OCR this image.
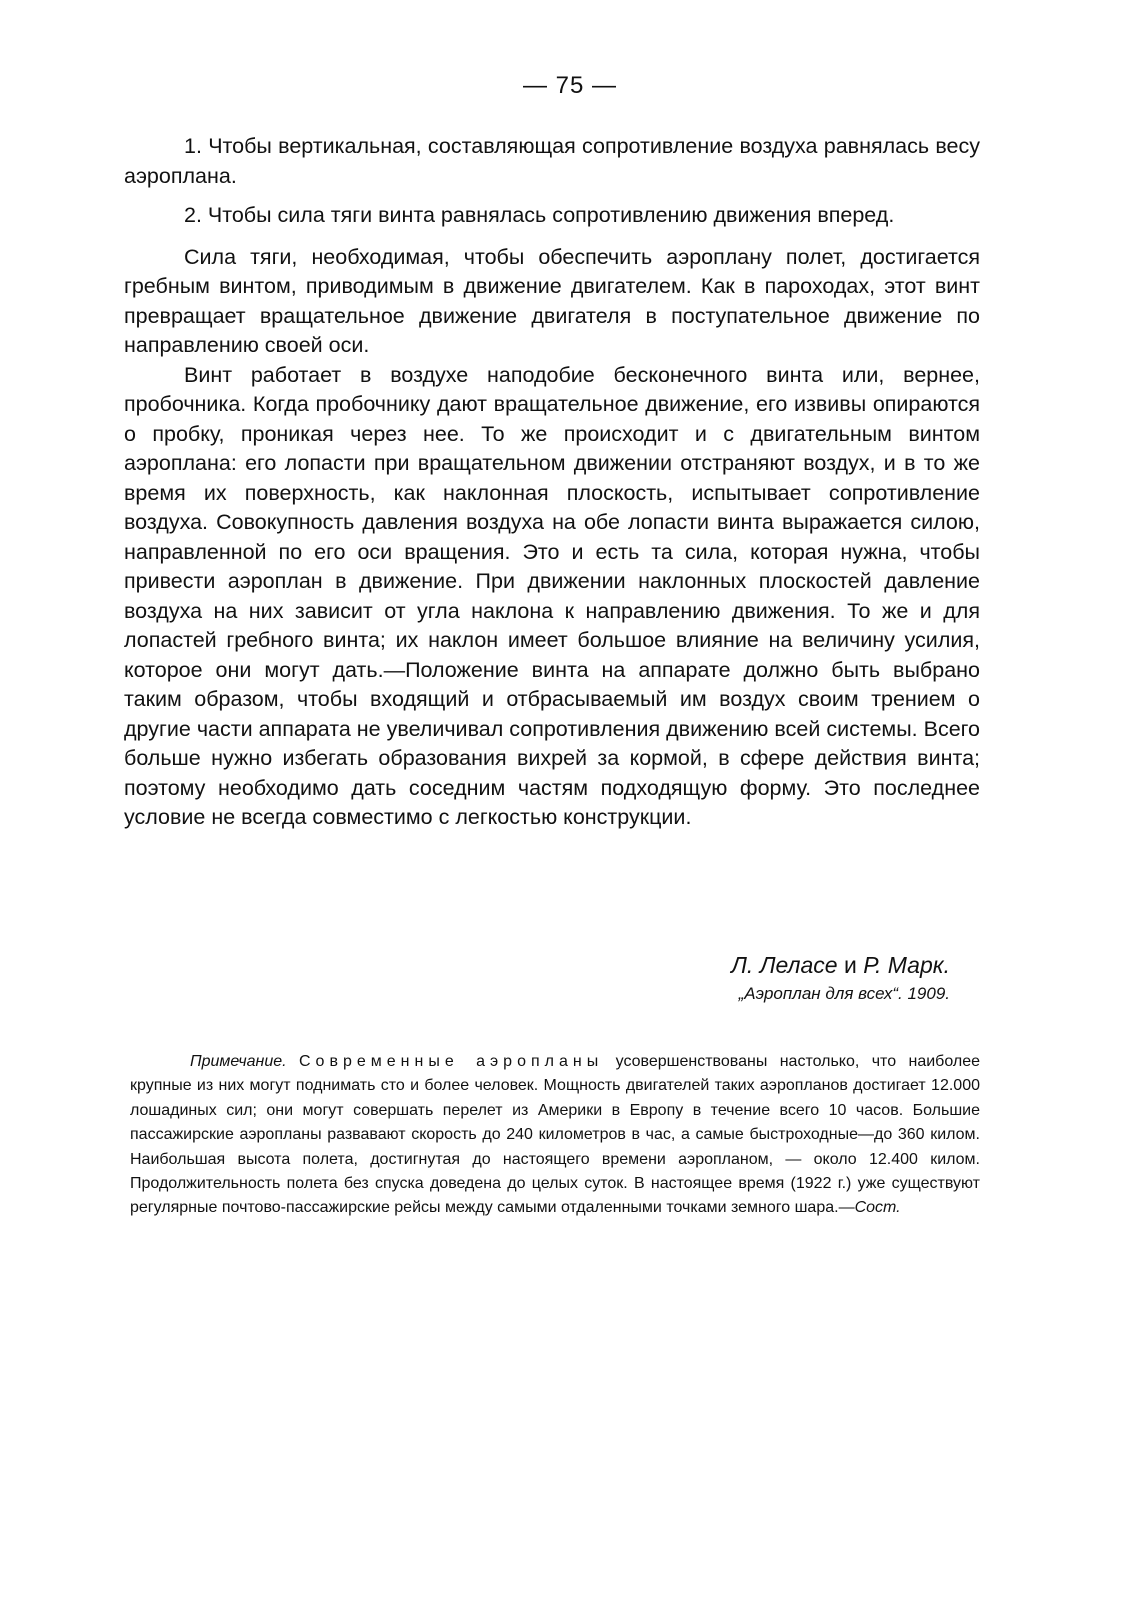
— 75 —

1. Чтобы вертикальная, составляющая сопротивление воздуха равнялась весу аэроплана.

2. Чтобы сила тяги винта равнялась сопротивлению движения вперед.

Сила тяги, необходимая, чтобы обеспечить аэроплану полет, достигается гребным винтом, приводимым в движение двигателем. Как в пароходах, этот винт превращает вращательное движение двигателя в поступательное движение по направлению своей оси.

Винт работает в воздухе наподобие бесконечного винта или, вернее, пробочника. Когда пробочнику дают вращательное движение, его извивы опираются о пробку, проникая через нее. То же происходит и с двигательным винтом аэроплана: его лопасти при вращательном движении отстраняют воздух, и в то же время их поверхность, как наклонная плоскость, испытывает сопротивление воздуха. Совокупность давления воздуха на обе лопасти винта выражается силою, направленной по его оси вращения. Это и есть та сила, которая нужна, чтобы привести аэроплан в движение. При движении наклонных плоскостей давление воздуха на них зависит от угла наклона к направлению движения. То же и для лопастей гребного винта; их наклон имеет большое влияние на величину усилия, которое они могут дать.—Положение винта на аппарате должно быть выбрано таким образом, чтобы входящий и отбрасываемый им воздух своим трением о другие части аппарата не увеличивал сопротивления движению всей системы. Всего больше нужно избегать образования вихрей за кормой, в сфере действия винта; поэтому необходимо дать соседним частям подходящую форму. Это последнее условие не всегда совместимо с легкостью конструкции.

Л. Леласе и Р. Марк.
„Аэроплан для всех“. 1909.
Примечание. Современные аэропланы усовершенствованы настолько, что наиболее крупные из них могут поднимать сто и более человек. Мощность двигателей таких аэропланов достигает 12.000 лошадиных сил; они могут совершать перелет из Америки в Европу в течение всего 10 часов. Большие пассажирские аэропланы развавают скорость до 240 километров в час, а самые быстроходные—до 360 килом. Наибольшая высота полета, достигнутая до настоящего времени аэропланом, — около 12.400 килом. Продолжительность полета без спуска доведена до целых суток. В настоящее время (1922 г.) уже существуют регулярные почтово-пассажирские рейсы между самыми отдаленными точками земного шара.—Сост.
